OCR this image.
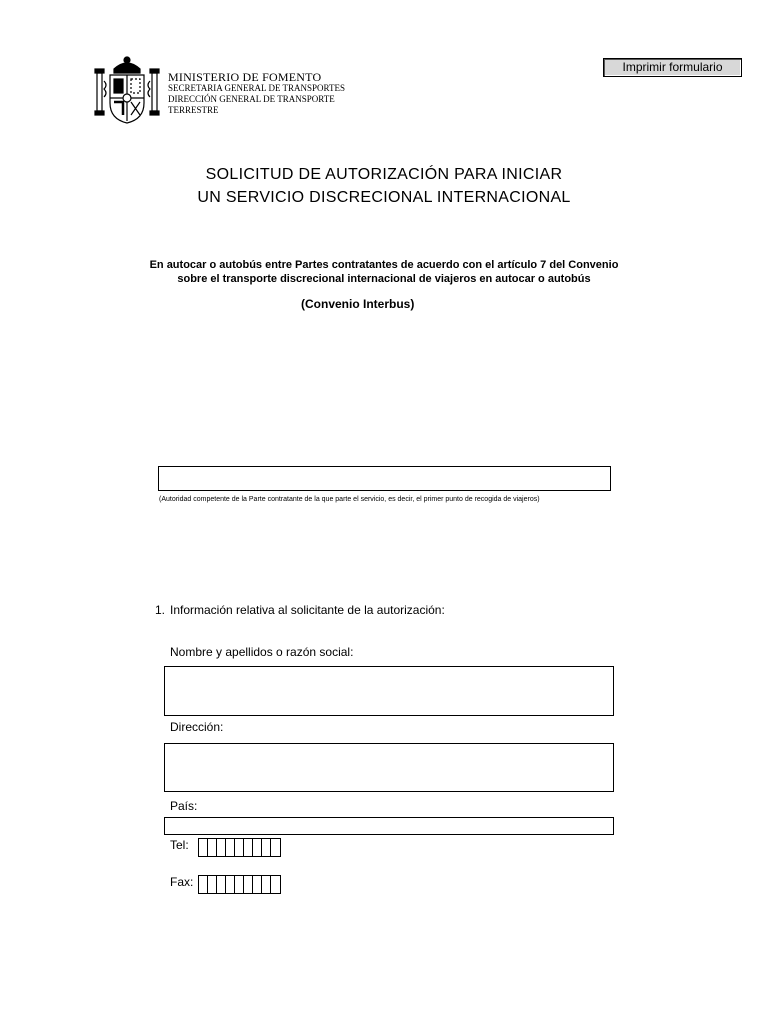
Imprimir formulario
MINISTERIO DE FOMENTO
SECRETARIA GENERAL DE TRANSPORTES
DIRECCIÓN GENERAL DE TRANSPORTE
TERRESTRE
SOLICITUD DE AUTORIZACIÓN PARA INICIAR
UN SERVICIO DISCRECIONAL INTERNACIONAL
En autocar o autobús entre Partes contratantes de acuerdo con el artículo 7 del Convenio
sobre el transporte discrecional internacional de viajeros en autocar o autobús
(Convenio Interbus)
(Autoridad competente de la Parte contratante de la que parte el servicio, es decir, el primer punto de recogida de viajeros)
1. Información relativa al solicitante de la autorización:
Nombre y apellidos o razón social:
Dirección:
País:
Tel:
Fax:
